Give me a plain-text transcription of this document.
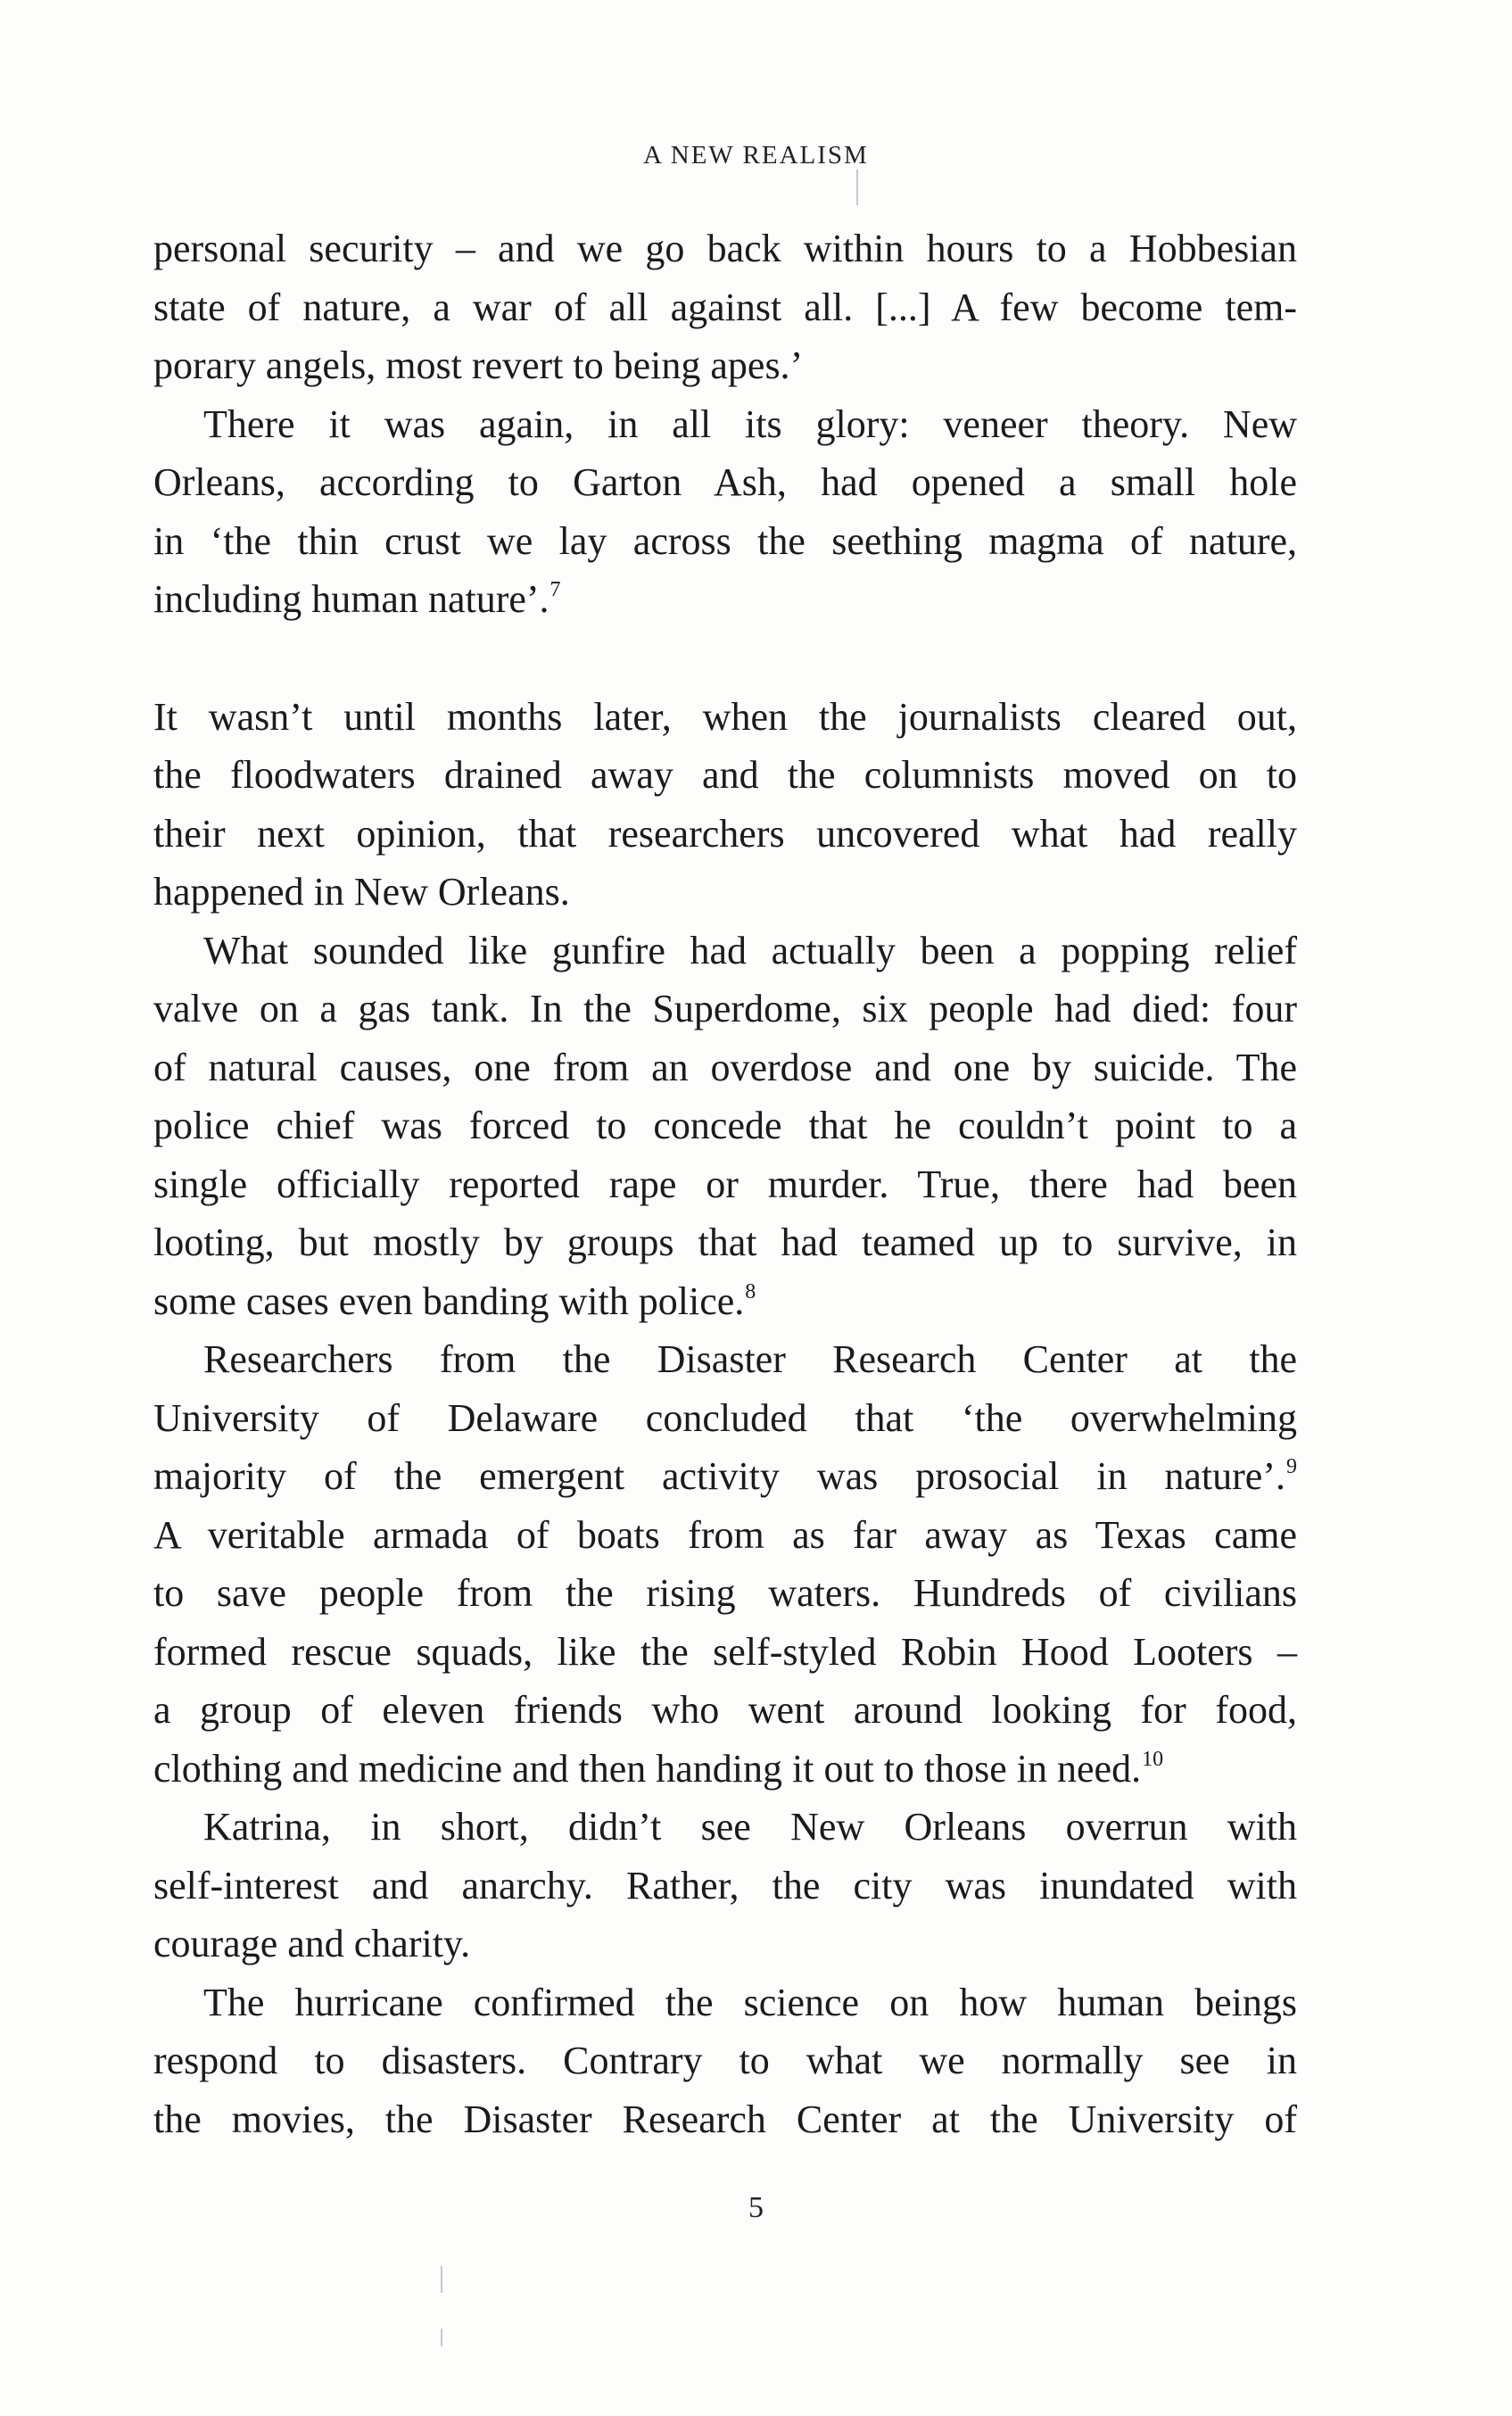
A NEW REALISM
personal security – and we go back within hours to a Hobbesian
state of nature, a war of all against all. [...] A few become tem-
porary angels, most revert to being apes.’
There it was again, in all its glory: veneer theory. New
Orleans, according to Garton Ash, had opened a small hole
in ‘the thin crust we lay across the seething magma of nature,
including human nature’.$^7$
It wasn’t until months later, when the journalists cleared out,
the floodwaters drained away and the columnists moved on to
their next opinion, that researchers uncovered what had really
happened in New Orleans.
What sounded like gunfire had actually been a popping relief
valve on a gas tank. In the Superdome, six people had died: four
of natural causes, one from an overdose and one by suicide. The
police chief was forced to concede that he couldn’t point to a
single officially reported rape or murder. True, there had been
looting, but mostly by groups that had teamed up to survive, in
some cases even banding with police.$^8$
Researchers from the Disaster Research Center at the
University of Delaware concluded that ‘the overwhelming
majority of the emergent activity was prosocial in nature’.$^9$
A veritable armada of boats from as far away as Texas came
to save people from the rising waters. Hundreds of civilians
formed rescue squads, like the self-styled Robin Hood Looters –
a group of eleven friends who went around looking for food,
clothing and medicine and then handing it out to those in need.$^{10}$
Katrina, in short, didn’t see New Orleans overrun with
self-interest and anarchy. Rather, the city was inundated with
courage and charity.
The hurricane confirmed the science on how human beings
respond to disasters. Contrary to what we normally see in
the movies, the Disaster Research Center at the University of
5
